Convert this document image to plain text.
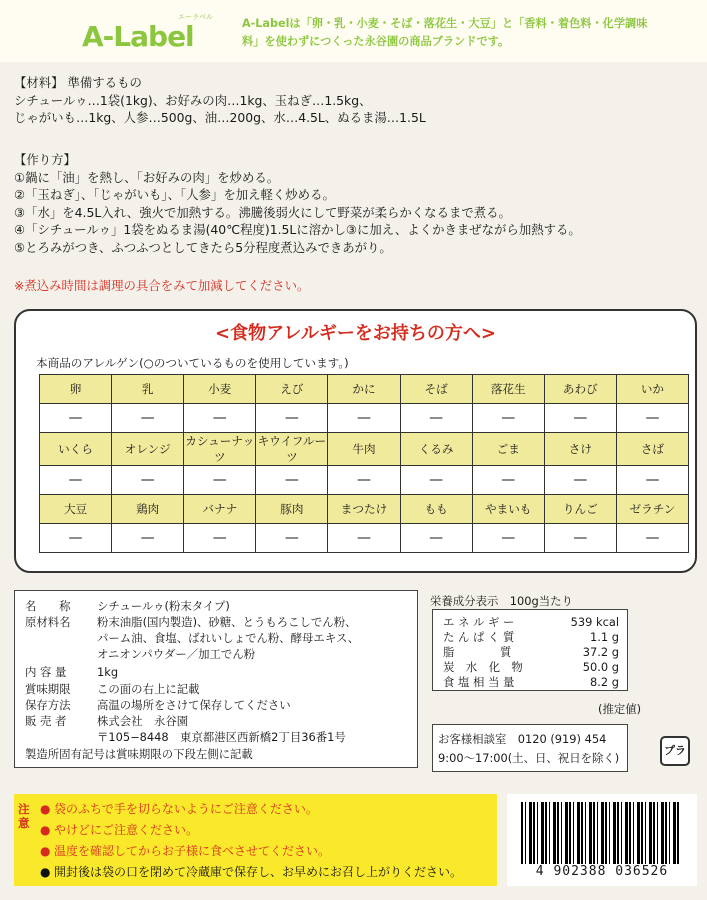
A-Label
エーラベル	A-Labelは「卵・乳・小麦・そば・落花生・大豆」と「香料・着色料・化学調味料」を使わずにつくった永谷園の商品ブランドです。
【材料】 準備するもの
シチュールゥ…1袋(1kg)、お好みの肉…1kg、玉ねぎ…1.5kg、
じゃがいも…1kg、人参…500g、油…200g、水…4.5L、ぬるま湯…1.5L
【作り方】
①鍋に「油」を熱し、「お好みの肉」を炒める。
②「玉ねぎ」、「じゃがいも」、「人参」を加え軽く炒める。
③「水」を4.5L入れ、強火で加熱する。沸騰後弱火にして野菜が柔らかくなるまで煮る。
④「シチュールゥ」1袋をぬるま湯(40℃程度)1.5Lに溶かし③に加え、よくかきまぜながら加熱する。
⑤とろみがつき、ふつふつとしてきたら5分程度煮込みできあがり。
※煮込み時間は調理の具合をみて加減してください。
<食物アレルギーをお持ちの方へ>
本商品のアレルゲン(○のついているものを使用しています。)
卵	乳	小麦	えび	かに	そば	落花生	あわび	いか
—	—	—	—	—	—	—	—	—
いくら	オレンジ	カシューナッツ	キウイフルーツ	牛肉	くるみ	ごま	さけ	さば
—	—	—	—	—	—	—	—	—
大豆	鶏肉	バナナ	豚肉	まつたけ	もも	やまいも	りんご	ゼラチン
—	—	—	—	—	—	—	—	—
名　　称 シチュールゥ(粉末タイプ)
原材料名 粉末油脂(国内製造)、砂糖、とうもろこしでん粉、
パーム油、食塩、ばれいしょでん粉、酵母エキス、
オニオンパウダー／加工でん粉
内 容 量	1kg
賞味期限 この面の右上に記載
保存方法 高温の場所をさけて保存してください
販 売 者	株式会社　永谷園
〒105−8448　東京都港区西新橋2丁目36番1号
製造所固有記号は賞味期限の下段左側に記載
栄養成分表示　100g当たり
エ ネ ル ギ ー	539 kcal
た ん ぱ く 質	1.1 g
脂　　　　質	37.2 g
炭　水　化　物	50.0 g
食 塩 相 当 量	8.2 g
(推定値)
お客様相談室　0120 (919) 454
9:00〜17:00(土、日、祝日を除く)
プラ
注
意
● 袋のふちで手を切らないようにご注意ください。
● やけどにご注意ください。
● 温度を確認してからお子様に食べさせてください。
● 開封後は袋の口を閉めて冷蔵庫で保存し、お早めにお召し上がりください。	4 902388 036526
